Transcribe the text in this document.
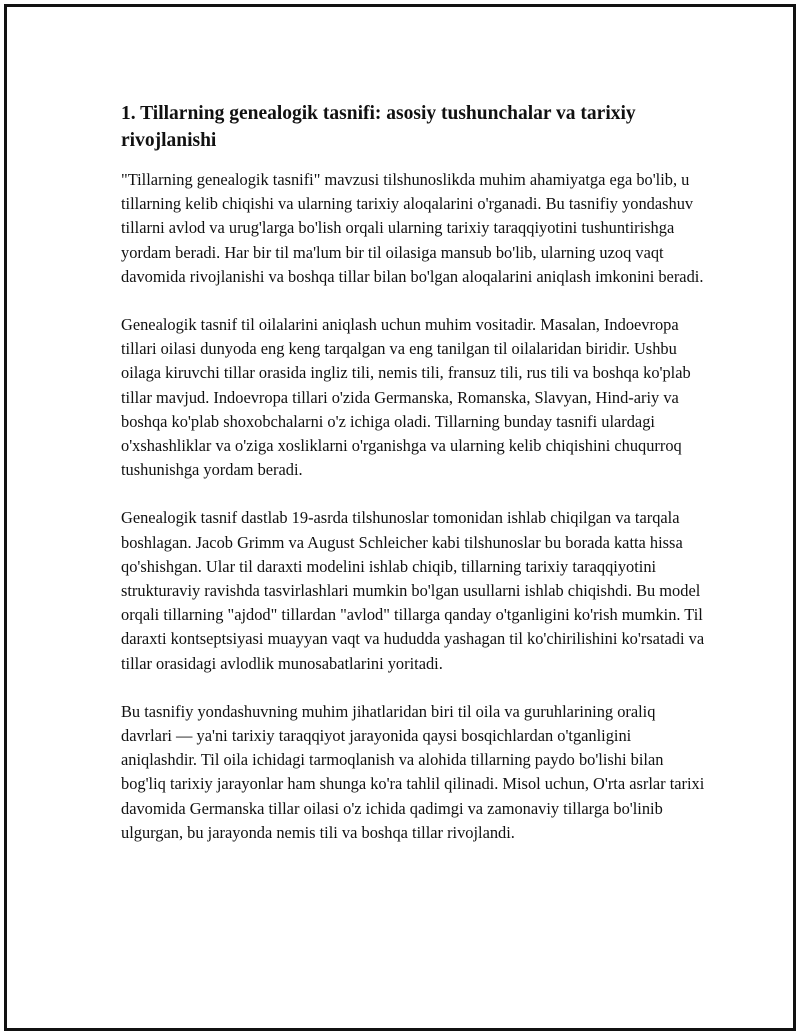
1. Tillarning genealogik tasnifi: asosiy tushunchalar va tarixiy rivojlanishi

"Tillarning genealogik tasnifi" mavzusi tilshunoslikda muhim ahamiyatga ega bo'lib, u tillarning kelib chiqishi va ularning tarixiy aloqalarini o'rganadi. Bu tasnifiy yondashuv tillarni avlod va urug'larga bo'lish orqali ularning tarixiy taraqqiyotini tushuntirishga yordam beradi. Har bir til ma'lum bir til oilasiga mansub bo'lib, ularning uzoq vaqt davomida rivojlanishi va boshqa tillar bilan bo'lgan aloqalarini aniqlash imkonini beradi.

Genealogik tasnif til oilalarini aniqlash uchun muhim vositadir. Masalan, Indoevropa tillari oilasi dunyoda eng keng tarqalgan va eng tanilgan til oilalaridan biridir. Ushbu oilaga kiruvchi tillar orasida ingliz tili, nemis tili, fransuz tili, rus tili va boshqa ko'plab tillar mavjud. Indoevropa tillari o'zida Germanska, Romanska, Slavyan, Hind-ariy va boshqa ko'plab shoxobchalarni o'z ichiga oladi. Tillarning bunday tasnifi ulardagi o'xshashliklar va o'ziga xosliklarni o'rganishga va ularning kelib chiqishini chuqurroq tushunishga yordam beradi.

Genealogik tasnif dastlab 19-asrda tilshunoslar tomonidan ishlab chiqilgan va tarqala boshlagan. Jacob Grimm va August Schleicher kabi tilshunoslar bu borada katta hissa qo'shishgan. Ular til daraxti modelini ishlab chiqib, tillarning tarixiy taraqqiyotini strukturaviy ravishda tasvirlashlari mumkin bo'lgan usullarni ishlab chiqishdi. Bu model orqali tillarning "ajdod" tillardan "avlod" tillarga qanday o'tganligini ko'rish mumkin. Til daraxti kontseptsiyasi muayyan vaqt va hududda yashagan til ko'chirilishini ko'rsatadi va tillar orasidagi avlodlik munosabatlarini yoritadi.

Bu tasnifiy yondashuvning muhim jihatlaridan biri til oila va guruhlarining oraliq davrlari — ya'ni tarixiy taraqqiyot jarayonida qaysi bosqichlardan o'tganligini aniqlashdir. Til oila ichidagi tarmoqlanish va alohida tillarning paydo bo'lishi bilan bog'liq tarixiy jarayonlar ham shunga ko'ra tahlil qilinadi. Misol uchun, O'rta asrlar tarixi davomida Germanska tillar oilasi o'z ichida qadimgi va zamonaviy tillarga bo'linib ulgurgan, bu jarayonda nemis tili va boshqa tillar rivojlandi.
